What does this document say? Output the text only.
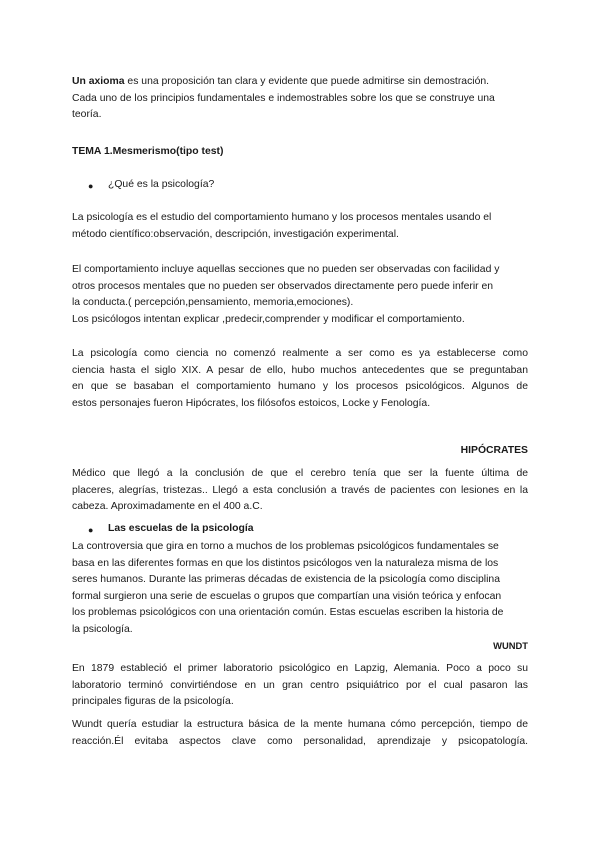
Un axioma es una proposición tan clara y evidente que puede admitirse sin demostración.
Cada uno de los principios fundamentales e indemostrables sobre los que se construye una
teoría.

TEMA 1.Mesmerismo(tipo test)

● ¿Qué es la psicología?

La psicología es el estudio del comportamiento humano y los procesos mentales usando el
método científico:observación, descripción, investigación experimental.

El comportamiento incluye aquellas secciones que no pueden ser observadas con facilidad y
otros procesos mentales que no pueden ser observados directamente pero puede inferir en
la conducta.( percepción,pensamiento, memoria,emociones).
Los psicólogos intentan explicar ,predecir,comprender y modificar el comportamiento.

La psicología como ciencia no comenzó realmente a ser como es ya establecerse como
ciencia hasta el siglo XIX. A pesar de ello, hubo muchos antecedentes que se preguntaban
en que se basaban el comportamiento humano y los procesos psicológicos. Algunos de
estos personajes fueron Hipócrates, los filósofos estoicos, Locke y Fenología.
HIPÓCRATES
Médico que llegó a la conclusión de que el cerebro tenía que ser la fuente última de
placeres, alegrías, tristezas.. Llegó a esta conclusión a través de pacientes con lesiones en la
cabeza. Aproximadamente en el 400 a.C.
● Las escuelas de la psicología

La controversia que gira en torno a muchos de los problemas psicológicos fundamentales se
basa en las diferentes formas en que los distintos psicólogos ven la naturaleza misma de los
seres humanos. Durante las primeras décadas de existencia de la psicología como disciplina
formal surgieron una serie de escuelas o grupos que compartían una visión teórica y enfocan
los problemas psicológicos con una orientación común. Estas escuelas escriben la historia de
la psicología.
WUNDT
En 1879 estableció el primer laboratorio psicológico en Lapzig, Alemania. Poco a poco su
laboratorio terminó convirtiéndose en un gran centro psiquiátrico por el cual pasaron las
principales figuras de la psicología.
Wundt quería estudiar la estructura básica de la mente humana cómo percepción, tiempo de
reacción.Él evitaba aspectos clave como personalidad, aprendizaje y psicopatología.
